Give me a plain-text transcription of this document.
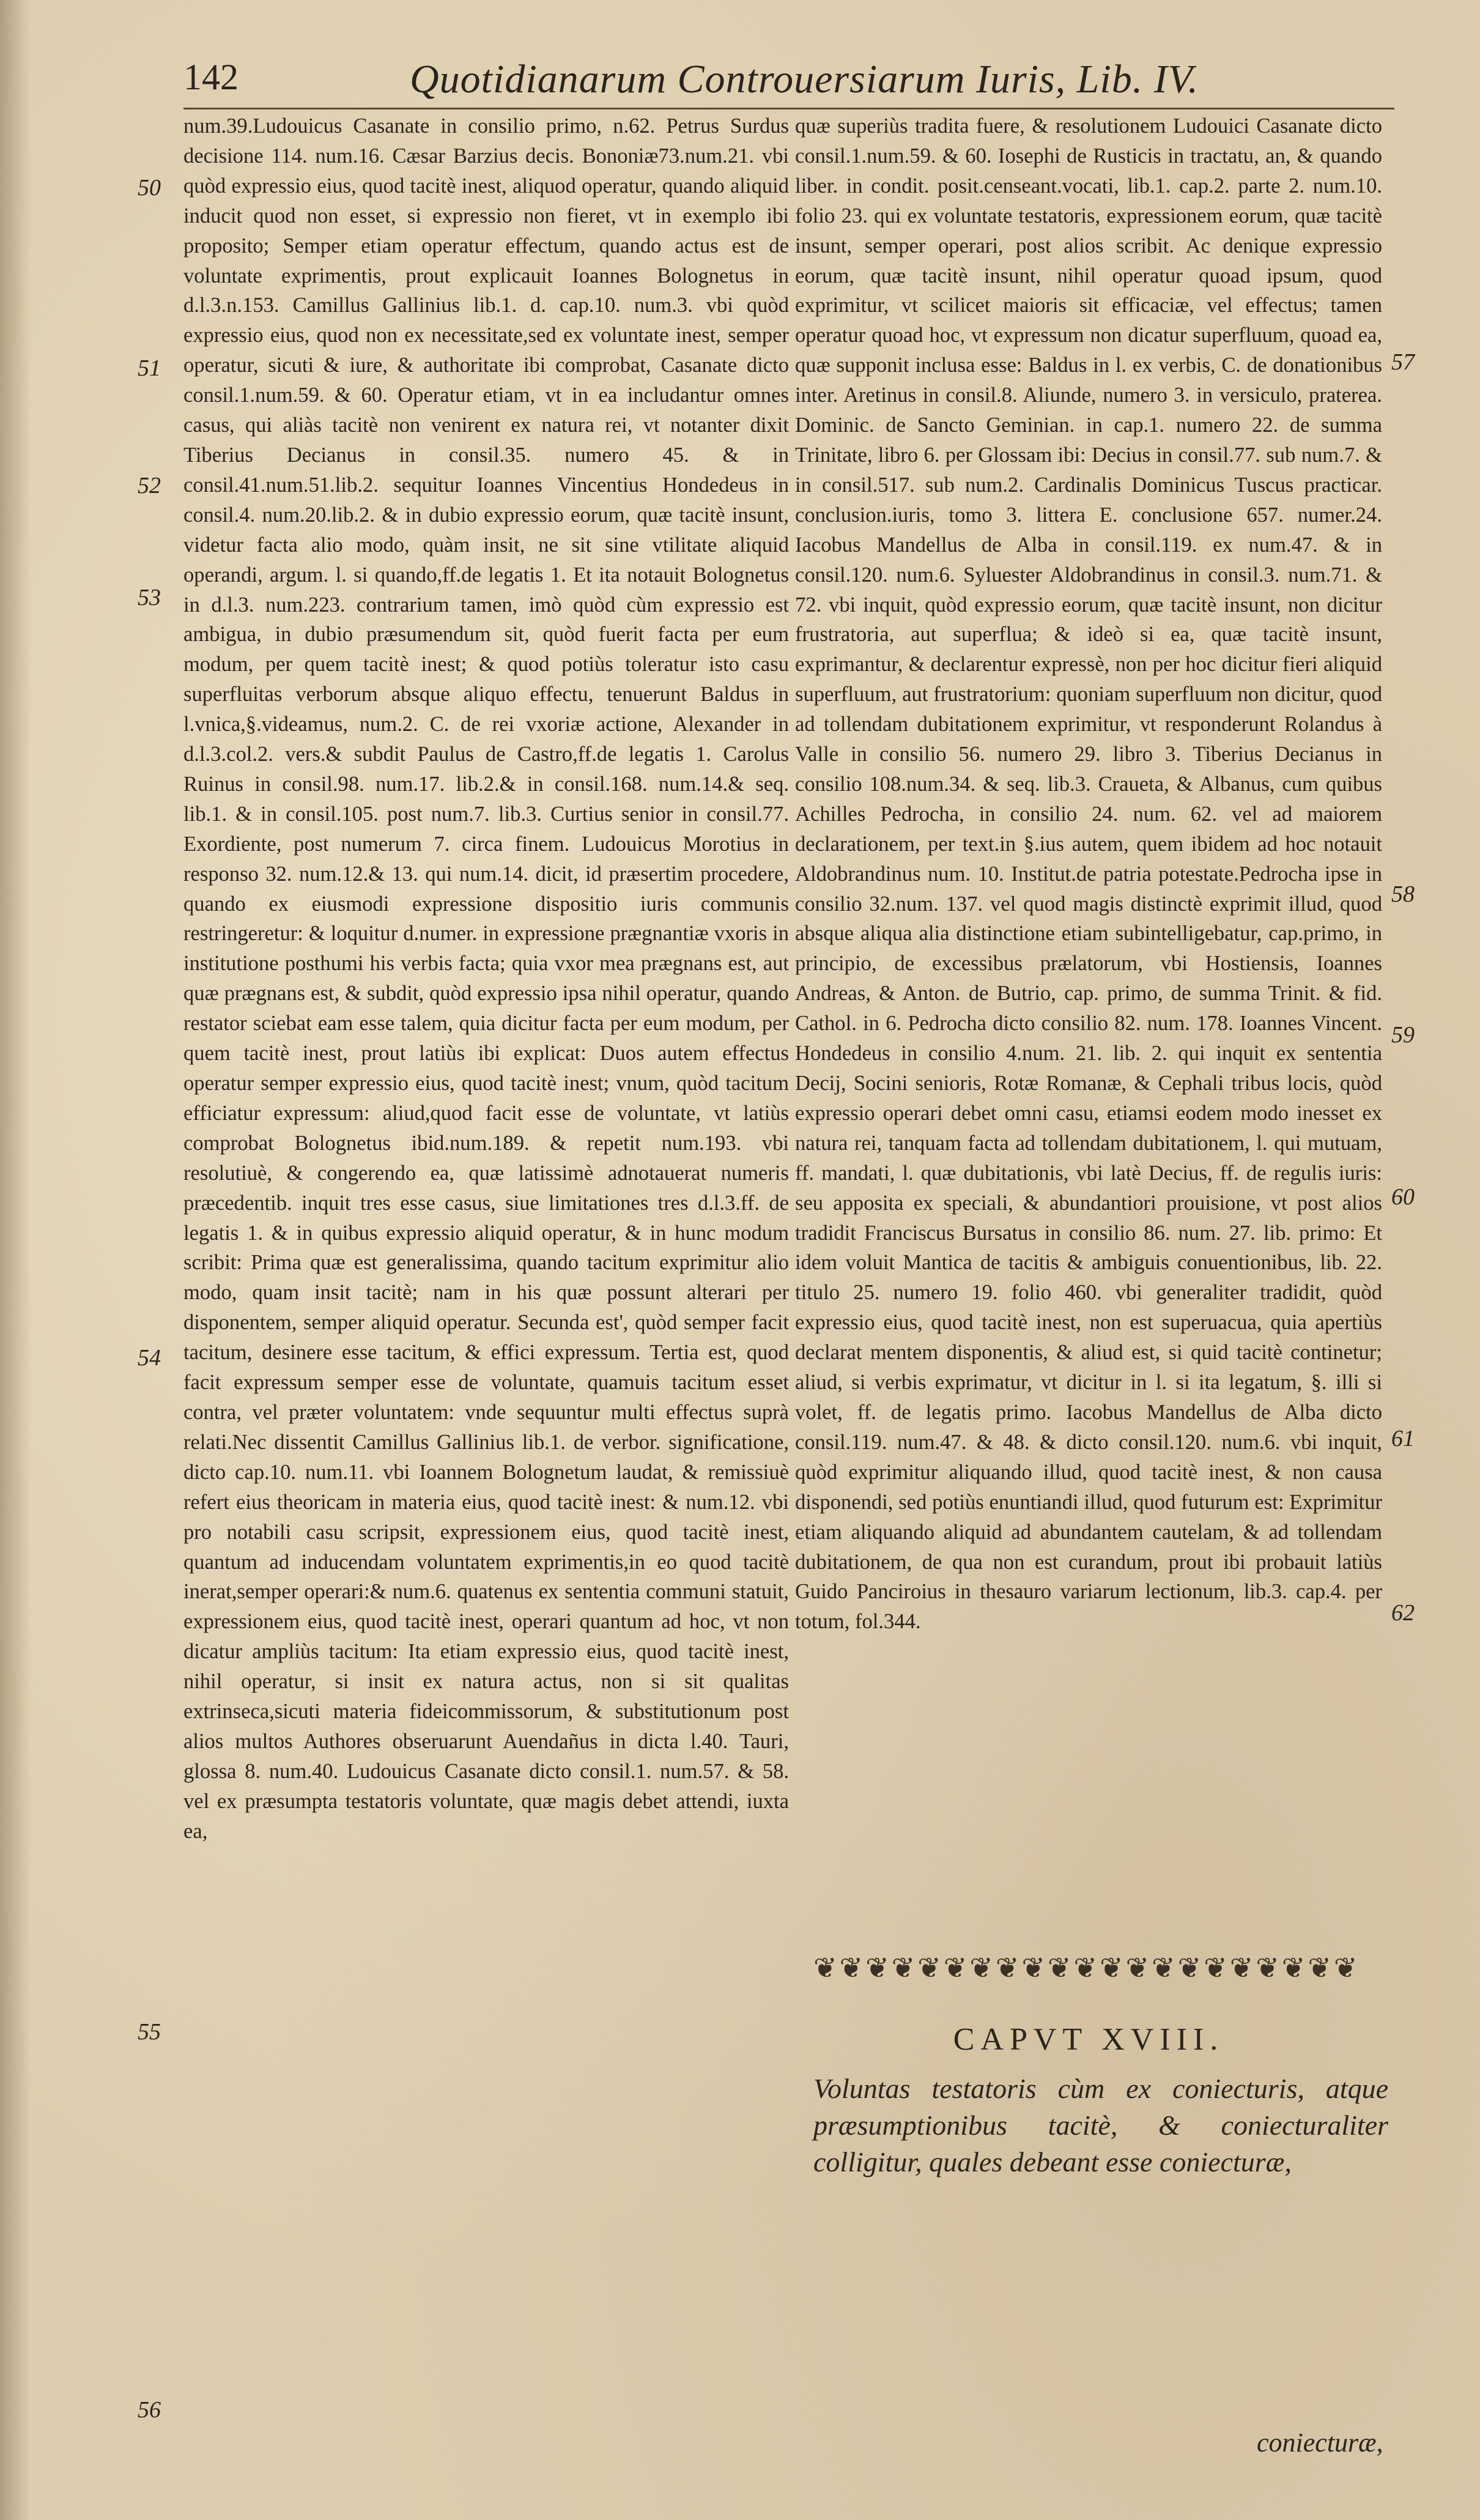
142	Quotidianarum Controuersiarum Iuris, Lib. IV.

num.39.Ludouicus Casanate in consilio primo, n.62. Petrus Surdus decisione 114. num.16. Cæsar Barzius decis. Bononiæ73.num.21. vbi quòd expressio eius, quod tacitè inest, aliquod operatur, quando aliquid inducit quod non esset, si expressio non fieret, vt in exemplo ibi proposito; Semper etiam operatur effectum, quando actus est de voluntate exprimentis, prout explicauit Ioannes Bolognetus in d.l.3.n.153. Camillus Gallinius lib.1. d. cap.10. num.3. vbi quòd expressio eius, quod non ex necessitate,sed ex voluntate inest, semper operatur, sicuti & iure, & authoritate ibi comprobat, Casanate dicto consil.1.num.59. & 60. Operatur etiam, vt in ea includantur omnes casus, qui aliàs tacitè non venirent ex natura rei, vt notanter dixit Tiberius Decianus in consil.35. numero 45. & in consil.41.num.51.lib.2. sequitur Ioannes Vincentius Hondedeus in consil.4. num.20.lib.2. & in dubio expressio eorum, quæ tacitè insunt, videtur facta alio modo, quàm insit, ne sit sine vtilitate aliquid operandi, argum. l. si quando,ff.de legatis 1. Et ita notauit Bolognetus in d.l.3. num.223. contrarium tamen, imò quòd cùm expressio est ambigua, in dubio præsumendum sit, quòd fuerit facta per eum modum, per quem tacitè inest; & quod potiùs toleratur isto casu superfluitas verborum absque aliquo effectu, tenuerunt Baldus in l.vnica,§.videamus, num.2. C. de rei vxoriæ actione, Alexander in d.l.3.col.2. vers.& subdit Paulus de Castro,ff.de legatis 1. Carolus Ruinus in consil.98. num.17. lib.2.& in consil.168. num.14.& seq. lib.1. & in consil.105. post num.7. lib.3. Curtius senior in consil.77. Exordiente, post numerum 7. circa finem. Ludouicus Morotius in responso 32. num.12.& 13. qui num.14. dicit, id præsertim procedere, quando ex eiusmodi expressione dispositio iuris communis restringeretur: & loquitur d.numer. in expressione prægnantiæ vxoris in institutione posthumi his verbis facta; quia vxor mea prægnans est, aut quæ prægnans est, & subdit, quòd expressio ipsa nihil operatur, quando restator sciebat eam esse talem, quia dicitur facta per eum modum, per quem tacitè inest, prout latiùs ibi explicat: Duos autem effectus operatur semper expressio eius, quod tacitè inest; vnum, quòd tacitum efficiatur expressum: aliud,quod facit esse de voluntate, vt latiùs comprobat Bolognetus ibid.num.189. & repetit num.193. vbi resolutiuè, & congerendo ea, quæ latissimè adnotauerat numeris præcedentib. inquit tres esse casus, siue limitationes tres d.l.3.ff. de legatis 1. & in quibus expressio aliquid operatur, & in hunc modum scribit: Prima quæ est generalissima, quando tacitum exprimitur alio modo, quam insit tacitè; nam in his quæ possunt alterari per disponentem, semper aliquid operatur. Secunda est', quòd semper facit tacitum, desinere esse tacitum, & effici expressum. Tertia est, quod facit expressum semper esse de voluntate, quamuis tacitum esset contra, vel præter voluntatem: vnde sequuntur multi effectus suprà relati.Nec dissentit Camillus Gallinius lib.1. de verbor. significatione, dicto cap.10. num.11. vbi Ioannem Bolognetum laudat, & remissiuè refert eius theoricam in materia eius, quod tacitè inest: & num.12. vbi pro notabili casu scripsit, expressionem eius, quod tacitè inest, quantum ad inducendam voluntatem exprimentis,in eo quod tacitè inerat,semper operari:& num.6. quatenus ex sententia communi statuit, expressionem eius, quod tacitè inest, operari quantum ad hoc, vt non dicatur ampliùs tacitum: Ita etiam expressio eius, quod tacitè inest, nihil operatur, si insit ex natura actus, non si sit qualitas extrinseca,sicuti materia fideicommissorum, & substitutionum post alios multos Authores obseruarunt Auendañus in dicta l.40. Tauri, glossa 8. num.40. Ludouicus Casanate dicto consil.1. num.57. & 58. vel ex præsumpta testatoris voluntate, quæ magis debet attendi, iuxta ea,

quæ superiùs tradita fuere, & resolutionem Ludouici Casanate dicto consil.1.num.59. & 60. Iosephi de Rusticis in tractatu, an, & quando liber. in condit. posit.censeant.vocati, lib.1. cap.2. parte 2. num.10. folio 23. qui ex voluntate testatoris, expressionem eorum, quæ tacitè insunt, semper operari, post alios scribit. Ac denique expressio eorum, quæ tacitè insunt, nihil operatur quoad ipsum, quod exprimitur, vt scilicet maioris sit efficaciæ, vel effectus; tamen operatur quoad hoc, vt expressum non dicatur superfluum, quoad ea, quæ supponit inclusa esse: Baldus in l. ex verbis, C. de donationibus inter. Aretinus in consil.8. Aliunde, numero 3. in versiculo, praterea. Dominic. de Sancto Geminian. in cap.1. numero 22. de summa Trinitate, libro 6. per Glossam ibi: Decius in consil.77. sub num.7. & in consil.517. sub num.2. Cardinalis Dominicus Tuscus practicar. conclusion.iuris, tomo 3. littera E. conclusione 657. numer.24. Iacobus Mandellus de Alba in consil.119. ex num.47. & in consil.120. num.6. Syluester Aldobrandinus in consil.3. num.71. & 72. vbi inquit, quòd expressio eorum, quæ tacitè insunt, non dicitur frustratoria, aut superflua; & ideò si ea, quæ tacitè insunt, exprimantur, & declarentur expressè, non per hoc dicitur fieri aliquid superfluum, aut frustratorium: quoniam superfluum non dicitur, quod ad tollendam dubitationem exprimitur, vt responderunt Rolandus à Valle in consilio 56. numero 29. libro 3. Tiberius Decianus in consilio 108.num.34. & seq. lib.3. Craueta, & Albanus, cum quibus Achilles Pedrocha, in consilio 24. num. 62. vel ad maiorem declarationem, per text.in §.ius autem, quem ibidem ad hoc notauit Aldobrandinus num. 10. Institut.de patria potestate.Pedrocha ipse in consilio 32.num. 137. vel quod magis distinctè exprimit illud, quod absque aliqua alia distinctione etiam subintelligebatur, cap.primo, in principio, de excessibus prælatorum, vbi Hostiensis, Ioannes Andreas, & Anton. de Butrio, cap. primo, de summa Trinit. & fid. Cathol. in 6. Pedrocha dicto consilio 82. num. 178. Ioannes Vincent. Hondedeus in consilio 4.num. 21. lib. 2. qui inquit ex sententia Decij, Socini senioris, Rotæ Romanæ, & Cephali tribus locis, quòd expressio operari debet omni casu, etiamsi eodem modo inesset ex natura rei, tanquam facta ad tollendam dubitationem, l. qui mutuam, ff. mandati, l. quæ dubitationis, vbi latè Decius, ff. de regulis iuris: seu apposita ex speciali, & abundantiori prouisione, vt post alios tradidit Franciscus Bursatus in consilio 86. num. 27. lib. primo: Et idem voluit Mantica de tacitis & ambiguis conuentionibus, lib. 22. titulo 25. numero 19. folio 460. vbi generaliter tradidit, quòd expressio eius, quod tacitè inest, non est superuacua, quia apertiùs declarat mentem disponentis, & aliud est, si quid tacitè continetur; aliud, si verbis exprimatur, vt dicitur in l. si ita legatum, §. illi si volet, ff. de legatis primo. Iacobus Mandellus de Alba dicto consil.119. num.47. & 48. & dicto consil.120. num.6. vbi inquit, quòd exprimitur aliquando illud, quod tacitè inest, & non causa disponendi, sed potiùs enuntiandi illud, quod futurum est: Exprimitur etiam aliquando aliquid ad abundantem cautelam, & ad tollendam dubitationem, de qua non est curandum, prout ibi probauit latiùs Guido Panciroius in thesauro variarum lectionum, lib.3. cap.4. per totum, fol.344.

50
51
52
53
54
55
56
57
58
59
60
61
62
❦❦❦❦❦❦❦❦❦❦❦❦❦❦❦❦❦❦❦❦❦
CAPVT XVIII.
Voluntas testatoris cùm ex coniecturis, atque præsumptionibus tacitè, & coniecturaliter colligitur, quales debeant esse coniecturæ,
coniecturæ,
